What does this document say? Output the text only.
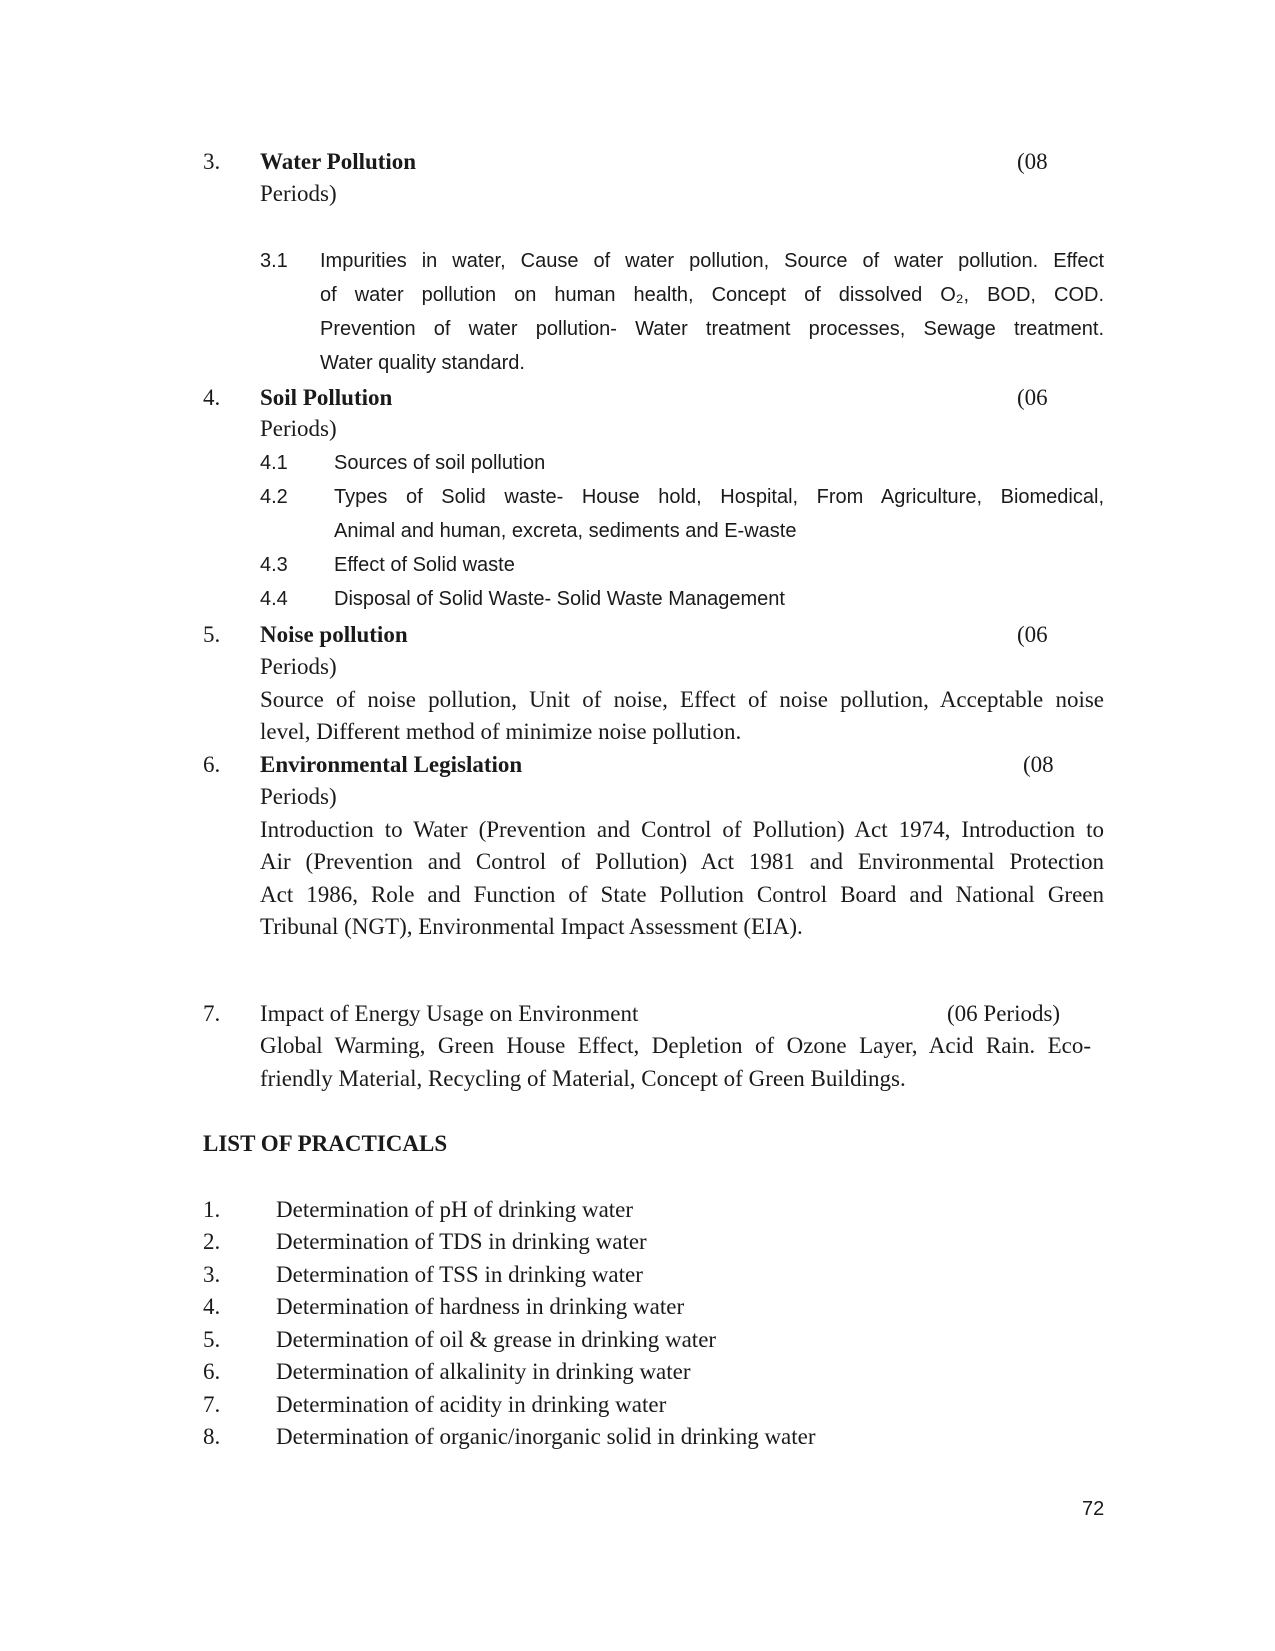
3. Water Pollution	(08
Periods)
3.1 Impurities in water, Cause of water pollution, Source of water pollution. Effect
of water pollution on human health, Concept of dissolved O₂, BOD, COD.
Prevention of water pollution- Water treatment processes, Sewage treatment.
Water quality standard.
4. Soil Pollution	(06
Periods)
4.1 Sources of soil pollution
4.2 Types of Solid waste- House hold, Hospital, From Agriculture, Biomedical,
Animal and human, excreta, sediments and E-waste
4.3 Effect of Solid waste
4.4 Disposal of Solid Waste- Solid Waste Management
5. Noise pollution	(06
Periods)
Source of noise pollution, Unit of noise, Effect of noise pollution, Acceptable noise
level, Different method of minimize noise pollution.
6. Environmental Legislation	(08
Periods)
Introduction to Water (Prevention and Control of Pollution) Act 1974, Introduction to
Air (Prevention and Control of Pollution) Act 1981 and Environmental Protection
Act 1986, Role and Function of State Pollution Control Board and National Green
Tribunal (NGT), Environmental Impact Assessment (EIA).
7. Impact of Energy Usage on Environment	(06 Periods)
Global Warming, Green House Effect, Depletion of Ozone Layer, Acid Rain. Eco-
friendly Material, Recycling of Material, Concept of Green Buildings.
LIST OF PRACTICALS
1. Determination of pH of drinking water
2. Determination of TDS in drinking water
3. Determination of TSS in drinking water
4. Determination of hardness in drinking water
5. Determination of oil & grease in drinking water
6. Determination of alkalinity in drinking water
7. Determination of acidity in drinking water
8. Determination of organic/inorganic solid in drinking water
72
